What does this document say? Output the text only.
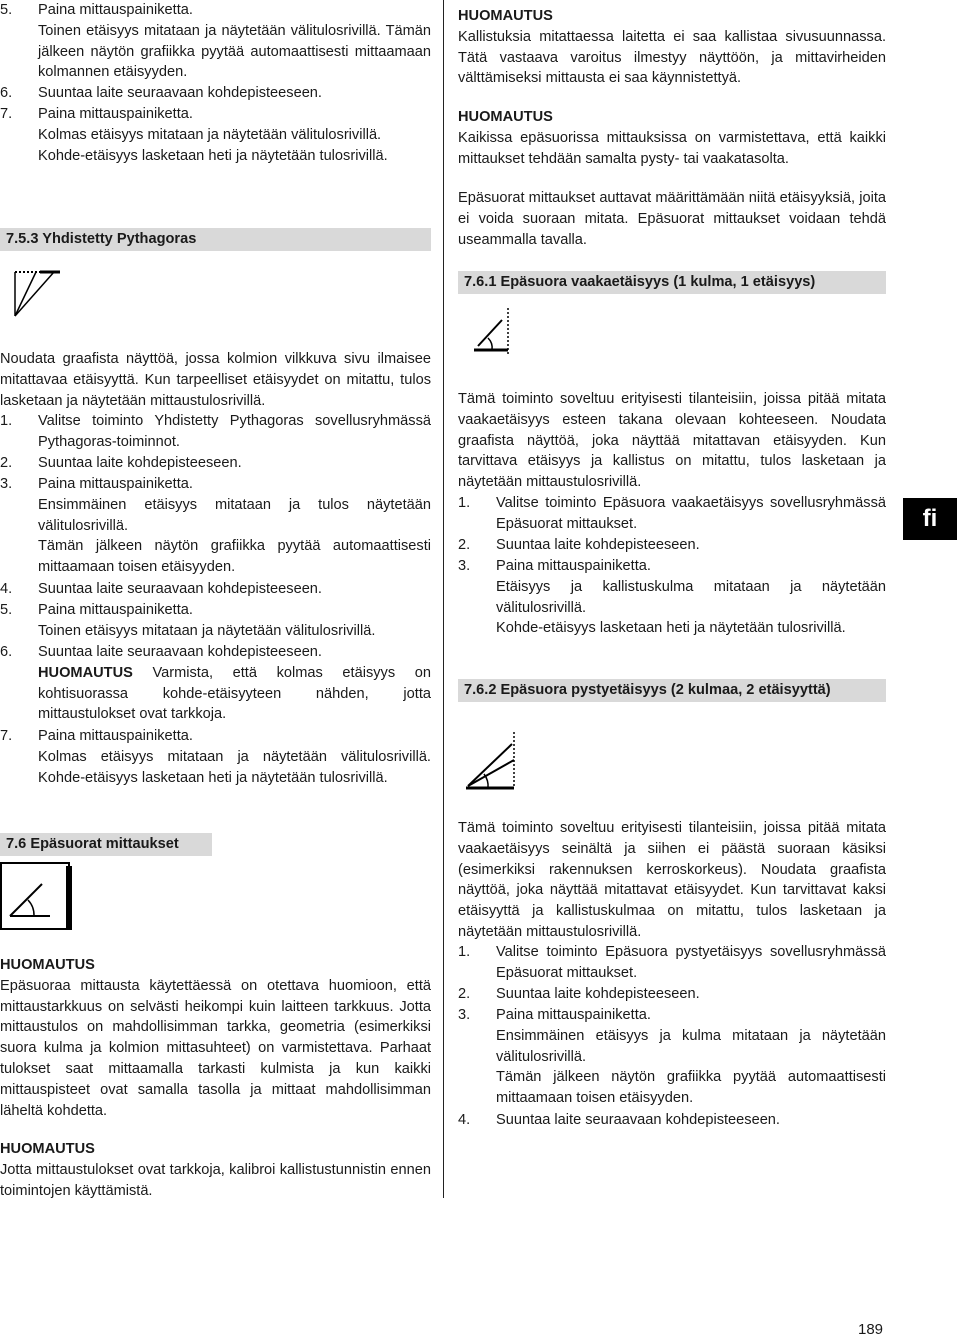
5. Paina mittauspainiketta.
Toinen etäisyys mitataan ja näytetään välitulosrivillä. Tämän jälkeen näytön grafiikka pyytää automaattisesti mittaamaan kolmannen etäisyyden.
6. Suuntaa laite seuraavaan kohdepisteeseen.
7. Paina mittauspainiketta.
Kolmas etäisyys mitataan ja näytetään välitulosrivillä.
Kohde-etäisyys lasketaan heti ja näytetään tulosrivillä.
7.5.3 Yhdistetty Pythagoras

Noudata graafista näyttöä, jossa kolmion vilkkuva sivu ilmaisee mitattavaa etäisyyttä. Kun tarpeelliset etäisyydet on mitattu, tulos lasketaan ja näytetään mittaustulosrivillä.

1. Valitse toiminto Yhdistetty Pythagoras sovellusryhmässä Pythagoras-toiminnot.
2. Suuntaa laite kohdepisteeseen.
3. Paina mittauspainiketta.
Ensimmäinen etäisyys mitataan ja tulos näytetään välitulosrivillä.
Tämän jälkeen näytön grafiikka pyytää automaattisesti mittaamaan toisen etäisyyden.
4. Suuntaa laite seuraavaan kohdepisteeseen.
5. Paina mittauspainiketta.
Toinen etäisyys mitataan ja näytetään välitulosrivillä.
6. Suuntaa laite seuraavaan kohdepisteeseen.
HUOMAUTUS Varmista, että kolmas etäisyys on kohtisuorassa kohde-etäisyyteen nähden, jotta mittaustulokset ovat tarkkoja.
7. Paina mittauspainiketta.
Kolmas etäisyys mitataan ja näytetään välitulosrivillä. Kohde-etäisyys lasketaan heti ja näytetään tulosrivillä.
7.6 Epäsuorat mittaukset
HUOMAUTUS
Epäsuoraa mittausta käytettäessä on otettava huomioon, että mittaustarkkuus on selvästi heikompi kuin laitteen tarkkuus. Jotta mittaustulos on mahdollisimman tarkka, geometria (esimerkiksi suora kulma ja kolmion mittasuhteet) on varmistettava. Parhaat tulokset saat mittaamalla tarkasti kulmista ja kun kaikki mittauspisteet ovat samalla tasolla ja mittaat mahdollisimman läheltä kohdetta.
HUOMAUTUS
Jotta mittaustulokset ovat tarkkoja, kalibroi kallistustunnistin ennen toimintojen käyttämistä.
HUOMAUTUS
Kallistuksia mitattaessa laitetta ei saa kallistaa sivusuunnassa. Tätä vastaava varoitus ilmestyy näyttöön, ja mittavirheiden välttämiseksi mittausta ei saa käynnistettyä.
HUOMAUTUS
Kaikissa epäsuorissa mittauksissa on varmistettava, että kaikki mittaukset tehdään samalta pysty- tai vaakatasolta.

Epäsuorat mittaukset auttavat määrittämään niitä etäisyyksiä, joita ei voida suoraan mitata. Epäsuorat mittaukset voidaan tehdä useammalla tavalla.

7.6.1 Epäsuora vaakaetäisyys (1 kulma, 1 etäisyys)

Tämä toiminto soveltuu erityisesti tilanteisiin, joissa pitää mitata vaakaetäisyys esteen takana olevaan kohteeseen. Noudata graafista näyttöä, joka näyttää mitattavan etäisyyden. Kun tarvittava etäisyys ja kallistus on mitattu, tulos lasketaan ja näytetään mittaustulosrivillä.

1. Valitse toiminto Epäsuora vaakaetäisyys sovellusryhmässä Epäsuorat mittaukset.
2. Suuntaa laite kohdepisteeseen.
3. Paina mittauspainiketta.
Etäisyys ja kallistuskulma mitataan ja näytetään välitulosrivillä.
Kohde-etäisyys lasketaan heti ja näytetään tulosrivillä.
7.6.2 Epäsuora pystyetäisyys (2 kulmaa, 2 etäisyyttä)

Tämä toiminto soveltuu erityisesti tilanteisiin, joissa pitää mitata vaakaetäisyys seinältä ja siihen ei päästä suoraan käsiksi (esimerkiksi rakennuksen kerroskorkeus). Noudata graafista näyttöä, joka näyttää mitattavat etäisyydet. Kun tarvittavat kaksi etäisyyttä ja kallistuskulmaa on mitattu, tulos lasketaan ja näytetään mittaustulosrivillä.

1. Valitse toiminto Epäsuora pystyetäisyys sovellusryhmässä Epäsuorat mittaukset.
2. Suuntaa laite kohdepisteeseen.
3. Paina mittauspainiketta.
Ensimmäinen etäisyys ja kulma mitataan ja näytetään välitulosrivillä.
Tämän jälkeen näytön grafiikka pyytää automaattisesti mittaamaan toisen etäisyyden.
4. Suuntaa laite seuraavaan kohdepisteeseen.
fi
189
